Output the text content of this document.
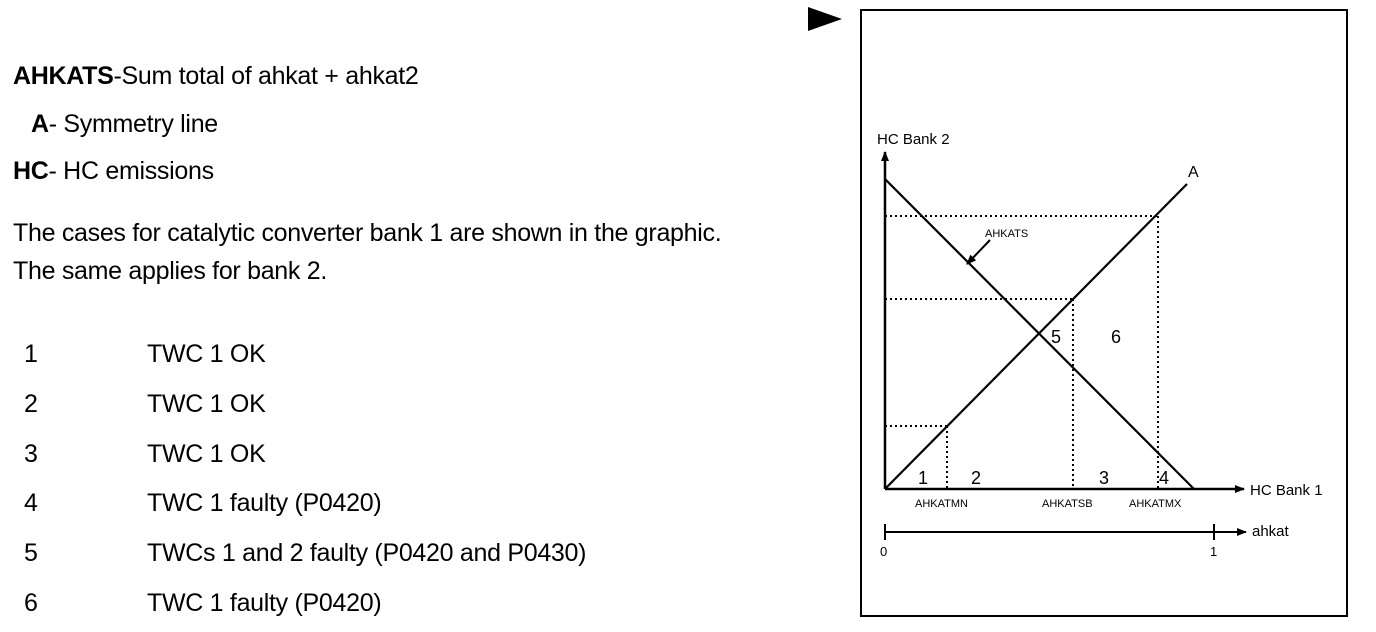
AHKATS-Sum total of ahkat + ahkat2
A- Symmetry line
HC- HC emissions
The cases for catalytic converter bank 1 are shown in the graphic.
The same applies for bank 2.
1	TWC 1 OK
2	TWC 1 OK
3	TWC 1 OK
4	TWC 1 faulty (P0420)
5	TWCs 1 and 2 faulty (P0420 and P0430)
6	TWC 1 faulty (P0420)
HC Bank 2
HC Bank 1
A
AHKATS
AHKATMN	AHKATSB	AHKATMX
1 2	3	4
5	6
0	1
ahkat
